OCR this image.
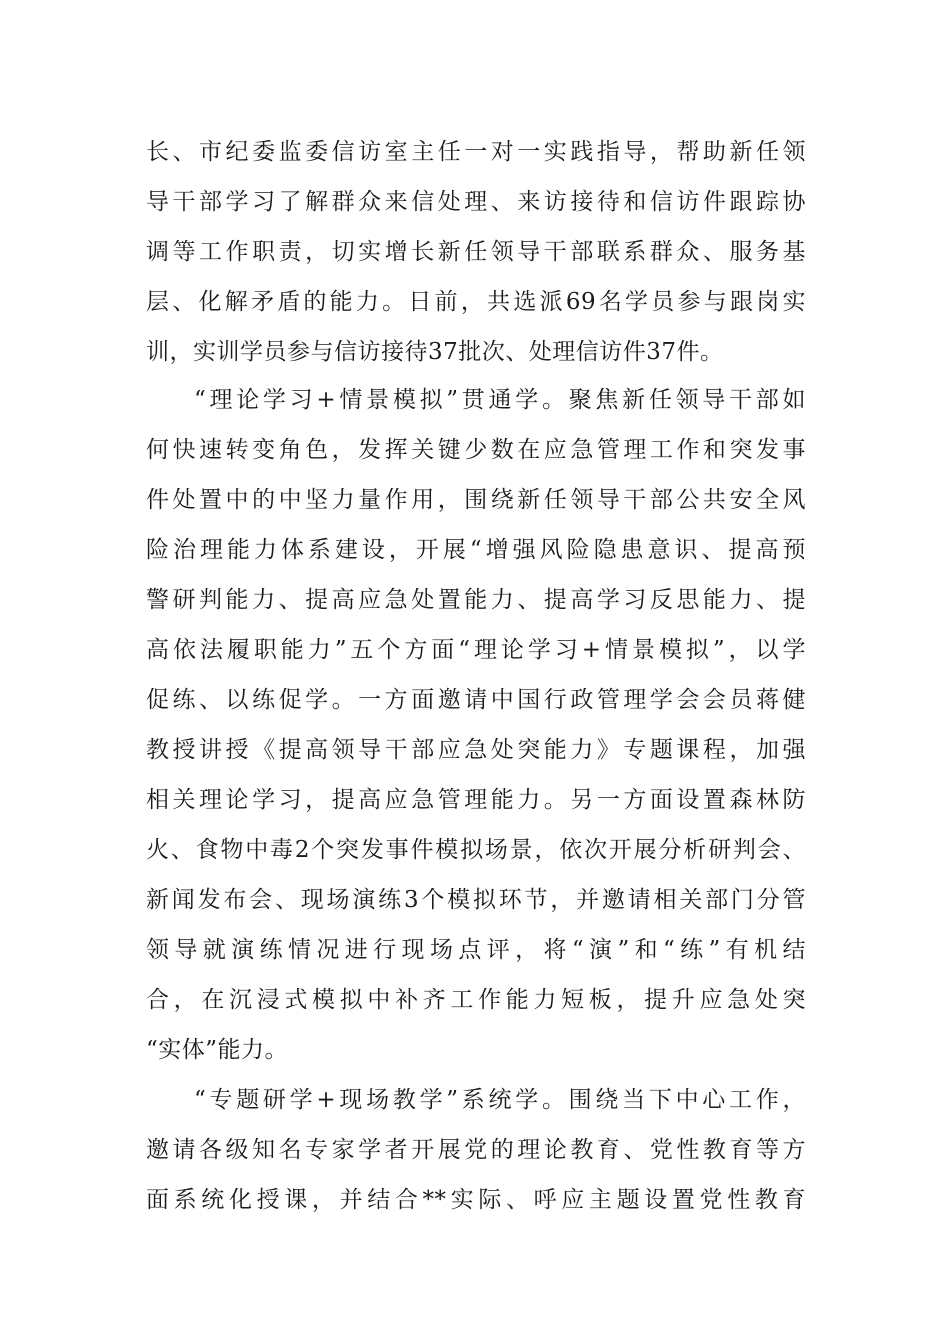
长、市纪委监委信访室主任一对一实践指导，帮助新任领
导干部学习了解群众来信处理、来访接待和信访件跟踪协
调等工作职责，切实增长新任领导干部联系群众、服务基
层、化解矛盾的能力。日前，共选派69名学员参与跟岗实
训，实训学员参与信访接待37批次、处理信访件37件。
“理论学习+情景模拟”贯通学。聚焦新任领导干部如
何快速转变角色，发挥关键少数在应急管理工作和突发事
件处置中的中坚力量作用，围绕新任领导干部公共安全风
险治理能力体系建设，开展“增强风险隐患意识、提高预
警研判能力、提高应急处置能力、提高学习反思能力、提
高依法履职能力”五个方面“理论学习+情景模拟”，以学
促练、以练促学。一方面邀请中国行政管理学会会员蒋健
教授讲授《提高领导干部应急处突能力》专题课程，加强
相关理论学习，提高应急管理能力。另一方面设置森林防
火、食物中毒2个突发事件模拟场景，依次开展分析研判会、
新闻发布会、现场演练3个模拟环节，并邀请相关部门分管
领导就演练情况进行现场点评，将“演”和“练”有机结
合，在沉浸式模拟中补齐工作能力短板，提升应急处突
“实体”能力。
“专题研学+现场教学”系统学。围绕当下中心工作，
邀请各级知名专家学者开展党的理论教育、党性教育等方
面系统化授课，并结合**实际、呼应主题设置党性教育
